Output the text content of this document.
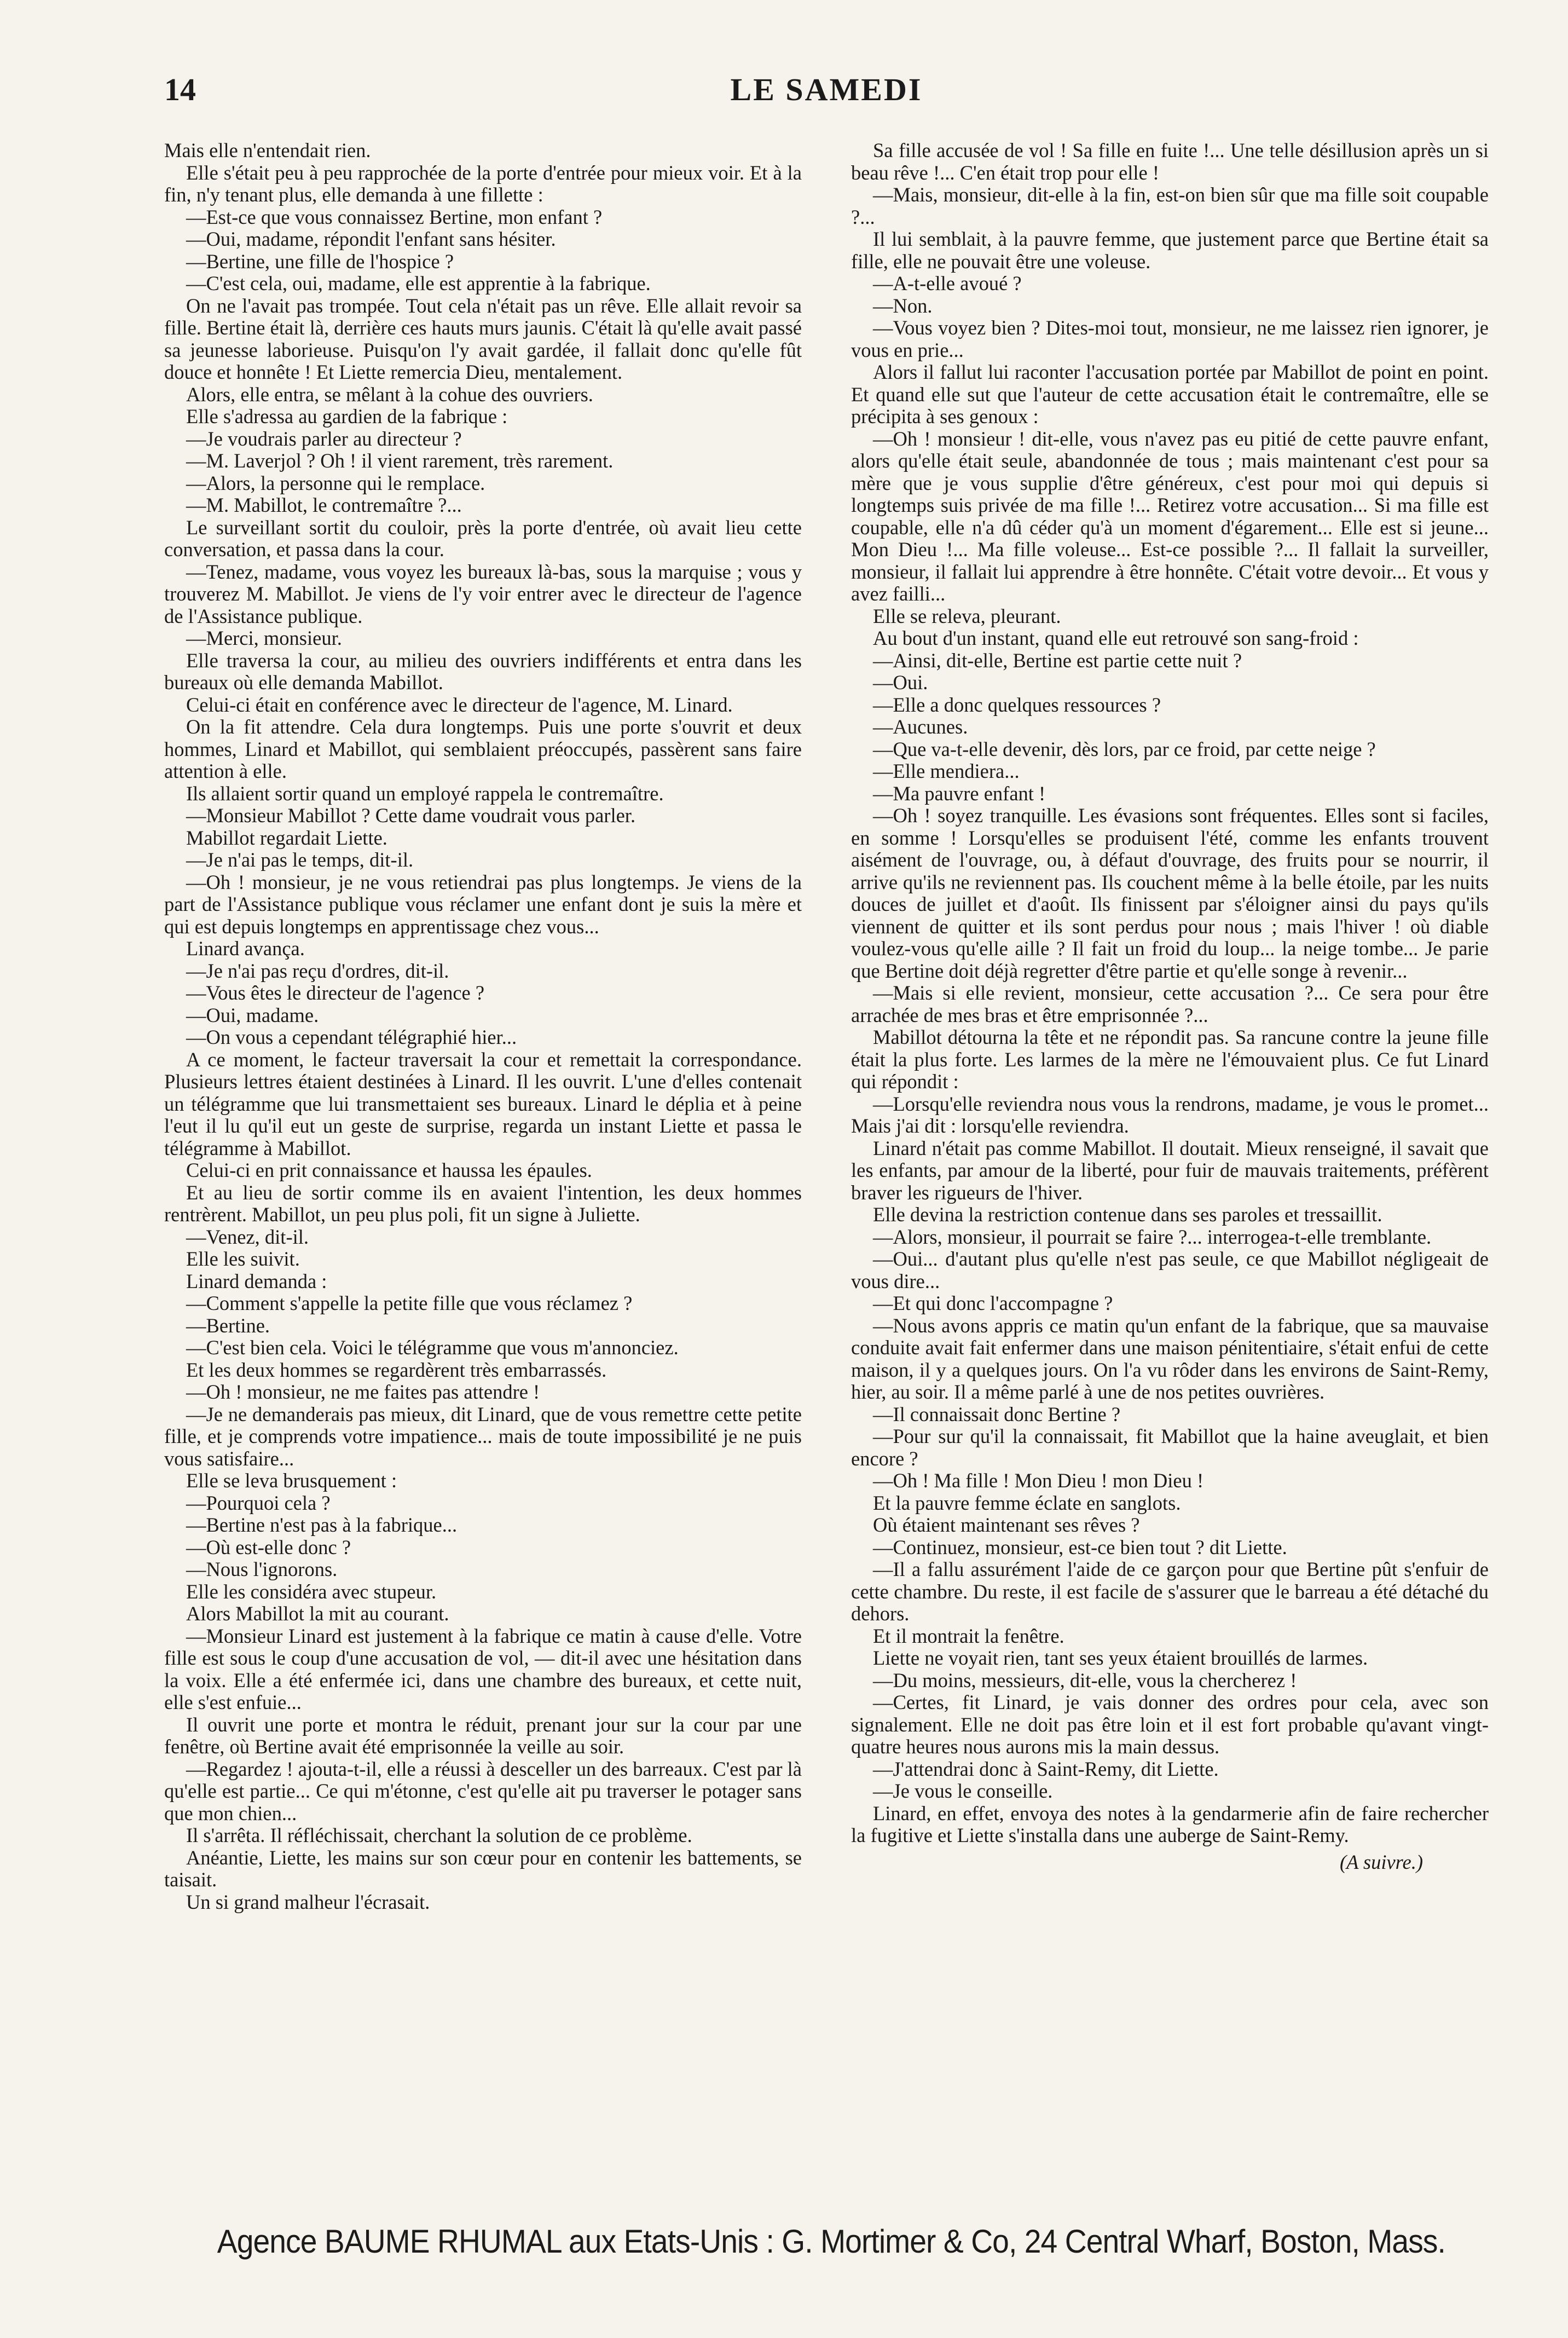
14	LE SAMEDI

Mais elle n'entendait rien.

Elle s'était peu à peu rapprochée de la porte d'entrée pour mieux voir. Et à la fin, n'y tenant plus, elle demanda à une fillette :

—Est-ce que vous connaissez Bertine, mon enfant ?

—Oui, madame, répondit l'enfant sans hésiter.

—Bertine, une fille de l'hospice ?

—C'est cela, oui, madame, elle est apprentie à la fabrique.

On ne l'avait pas trompée. Tout cela n'était pas un rêve. Elle allait revoir sa fille. Bertine était là, derrière ces hauts murs jaunis. C'était là qu'elle avait passé sa jeunesse laborieuse. Puisqu'on l'y avait gardée, il fallait donc qu'elle fût douce et honnête ! Et Liette remercia Dieu, mentalement.

Alors, elle entra, se mêlant à la cohue des ouvriers.

Elle s'adressa au gardien de la fabrique :

—Je voudrais parler au directeur ?

—M. Laverjol ? Oh ! il vient rarement, très rarement.

—Alors, la personne qui le remplace.

—M. Mabillot, le contremaître ?...

Le surveillant sortit du couloir, près la porte d'entrée, où avait lieu cette conversation, et passa dans la cour.

—Tenez, madame, vous voyez les bureaux là-bas, sous la marquise ; vous y trouverez M. Mabillot. Je viens de l'y voir entrer avec le directeur de l'agence de l'Assistance publique.

—Merci, monsieur.

Elle traversa la cour, au milieu des ouvriers indifférents et entra dans les bureaux où elle demanda Mabillot.

Celui-ci était en conférence avec le directeur de l'agence, M. Linard.

On la fit attendre. Cela dura longtemps. Puis une porte s'ouvrit et deux hommes, Linard et Mabillot, qui semblaient préoccupés, passèrent sans faire attention à elle.

Ils allaient sortir quand un employé rappela le contremaître.

—Monsieur Mabillot ? Cette dame voudrait vous parler.

Mabillot regardait Liette.

—Je n'ai pas le temps, dit-il.

—Oh ! monsieur, je ne vous retiendrai pas plus longtemps. Je viens de la part de l'Assistance publique vous réclamer une enfant dont je suis la mère et qui est depuis longtemps en apprentissage chez vous...

Linard avança.

—Je n'ai pas reçu d'ordres, dit-il.

—Vous êtes le directeur de l'agence ?

—Oui, madame.

—On vous a cependant télégraphié hier...

A ce moment, le facteur traversait la cour et remettait la correspondance. Plusieurs lettres étaient destinées à Linard. Il les ouvrit. L'une d'elles contenait un télégramme que lui transmettaient ses bureaux. Linard le déplia et à peine l'eut il lu qu'il eut un geste de surprise, regarda un instant Liette et passa le télégramme à Mabillot.

Celui-ci en prit connaissance et haussa les épaules.

Et au lieu de sortir comme ils en avaient l'intention, les deux hommes rentrèrent. Mabillot, un peu plus poli, fit un signe à Juliette.

—Venez, dit-il.

Elle les suivit.

Linard demanda :

—Comment s'appelle la petite fille que vous réclamez ?

—Bertine.

—C'est bien cela. Voici le télégramme que vous m'annonciez.

Et les deux hommes se regardèrent très embarrassés.

—Oh ! monsieur, ne me faites pas attendre !

—Je ne demanderais pas mieux, dit Linard, que de vous remettre cette petite fille, et je comprends votre impatience... mais de toute impossibilité je ne puis vous satisfaire...

Elle se leva brusquement :

—Pourquoi cela ?

—Bertine n'est pas à la fabrique...

—Où est-elle donc ?

—Nous l'ignorons.

Elle les considéra avec stupeur.

Alors Mabillot la mit au courant.

—Monsieur Linard est justement à la fabrique ce matin à cause d'elle. Votre fille est sous le coup d'une accusation de vol, — dit-il avec une hésitation dans la voix. Elle a été enfermée ici, dans une chambre des bureaux, et cette nuit, elle s'est enfuie...

Il ouvrit une porte et montra le réduit, prenant jour sur la cour par une fenêtre, où Bertine avait été emprisonnée la veille au soir.

—Regardez ! ajouta-t-il, elle a réussi à desceller un des barreaux. C'est par là qu'elle est partie... Ce qui m'étonne, c'est qu'elle ait pu traverser le potager sans que mon chien...

Il s'arrêta. Il réfléchissait, cherchant la solution de ce problème.

Anéantie, Liette, les mains sur son cœur pour en contenir les battements, se taisait.

Un si grand malheur l'écrasait.

Sa fille accusée de vol ! Sa fille en fuite !... Une telle désillusion après un si beau rêve !... C'en était trop pour elle !

—Mais, monsieur, dit-elle à la fin, est-on bien sûr que ma fille soit coupable ?...

Il lui semblait, à la pauvre femme, que justement parce que Bertine était sa fille, elle ne pouvait être une voleuse.

—A-t-elle avoué ?

—Non.

—Vous voyez bien ? Dites-moi tout, monsieur, ne me laissez rien ignorer, je vous en prie...

Alors il fallut lui raconter l'accusation portée par Mabillot de point en point. Et quand elle sut que l'auteur de cette accusation était le contremaître, elle se précipita à ses genoux :

—Oh ! monsieur ! dit-elle, vous n'avez pas eu pitié de cette pauvre enfant, alors qu'elle était seule, abandonnée de tous ; mais maintenant c'est pour sa mère que je vous supplie d'être généreux, c'est pour moi qui depuis si longtemps suis privée de ma fille !... Retirez votre accusation... Si ma fille est coupable, elle n'a dû céder qu'à un moment d'égarement... Elle est si jeune... Mon Dieu !... Ma fille voleuse... Est-ce possible ?... Il fallait la surveiller, monsieur, il fallait lui apprendre à être honnête. C'était votre devoir... Et vous y avez failli...

Elle se releva, pleurant.

Au bout d'un instant, quand elle eut retrouvé son sang-froid :

—Ainsi, dit-elle, Bertine est partie cette nuit ?

—Oui.

—Elle a donc quelques ressources ?

—Aucunes.

—Que va-t-elle devenir, dès lors, par ce froid, par cette neige ?

—Elle mendiera...

—Ma pauvre enfant !

—Oh ! soyez tranquille. Les évasions sont fréquentes. Elles sont si faciles, en somme ! Lorsqu'elles se produisent l'été, comme les enfants trouvent aisément de l'ouvrage, ou, à défaut d'ouvrage, des fruits pour se nourrir, il arrive qu'ils ne reviennent pas. Ils couchent même à la belle étoile, par les nuits douces de juillet et d'août. Ils finissent par s'éloigner ainsi du pays qu'ils viennent de quitter et ils sont perdus pour nous ; mais l'hiver ! où diable voulez-vous qu'elle aille ? Il fait un froid du loup... la neige tombe... Je parie que Bertine doit déjà regretter d'être partie et qu'elle songe à revenir...

—Mais si elle revient, monsieur, cette accusation ?... Ce sera pour être arrachée de mes bras et être emprisonnée ?...

Mabillot détourna la tête et ne répondit pas. Sa rancune contre la jeune fille était la plus forte. Les larmes de la mère ne l'émouvaient plus. Ce fut Linard qui répondit :

—Lorsqu'elle reviendra nous vous la rendrons, madame, je vous le promet... Mais j'ai dit : lorsqu'elle reviendra.

Linard n'était pas comme Mabillot. Il doutait. Mieux renseigné, il savait que les enfants, par amour de la liberté, pour fuir de mauvais traitements, préfèrent braver les rigueurs de l'hiver.

Elle devina la restriction contenue dans ses paroles et tressaillit.

—Alors, monsieur, il pourrait se faire ?... interrogea-t-elle tremblante.

—Oui... d'autant plus qu'elle n'est pas seule, ce que Mabillot négligeait de vous dire...

—Et qui donc l'accompagne ?

—Nous avons appris ce matin qu'un enfant de la fabrique, que sa mauvaise conduite avait fait enfermer dans une maison pénitentiaire, s'était enfui de cette maison, il y a quelques jours. On l'a vu rôder dans les environs de Saint-Remy, hier, au soir. Il a même parlé à une de nos petites ouvrières.

—Il connaissait donc Bertine ?

—Pour sur qu'il la connaissait, fit Mabillot que la haine aveuglait, et bien encore ?

—Oh ! Ma fille ! Mon Dieu ! mon Dieu !

Et la pauvre femme éclate en sanglots.

Où étaient maintenant ses rêves ?

—Continuez, monsieur, est-ce bien tout ? dit Liette.

—Il a fallu assurément l'aide de ce garçon pour que Bertine pût s'enfuir de cette chambre. Du reste, il est facile de s'assurer que le barreau a été détaché du dehors.

Et il montrait la fenêtre.

Liette ne voyait rien, tant ses yeux étaient brouillés de larmes.

—Du moins, messieurs, dit-elle, vous la chercherez !

—Certes, fit Linard, je vais donner des ordres pour cela, avec son signalement. Elle ne doit pas être loin et il est fort probable qu'avant vingt-quatre heures nous aurons mis la main dessus.

—J'attendrai donc à Saint-Remy, dit Liette.

—Je vous le conseille.

Linard, en effet, envoya des notes à la gendarmerie afin de faire rechercher la fugitive et Liette s'installa dans une auberge de Saint-Remy.

(A suivre.)

Agence BAUME RHUMAL aux Etats-Unis : G. Mortimer & Co, 24 Central Wharf, Boston, Mass.
